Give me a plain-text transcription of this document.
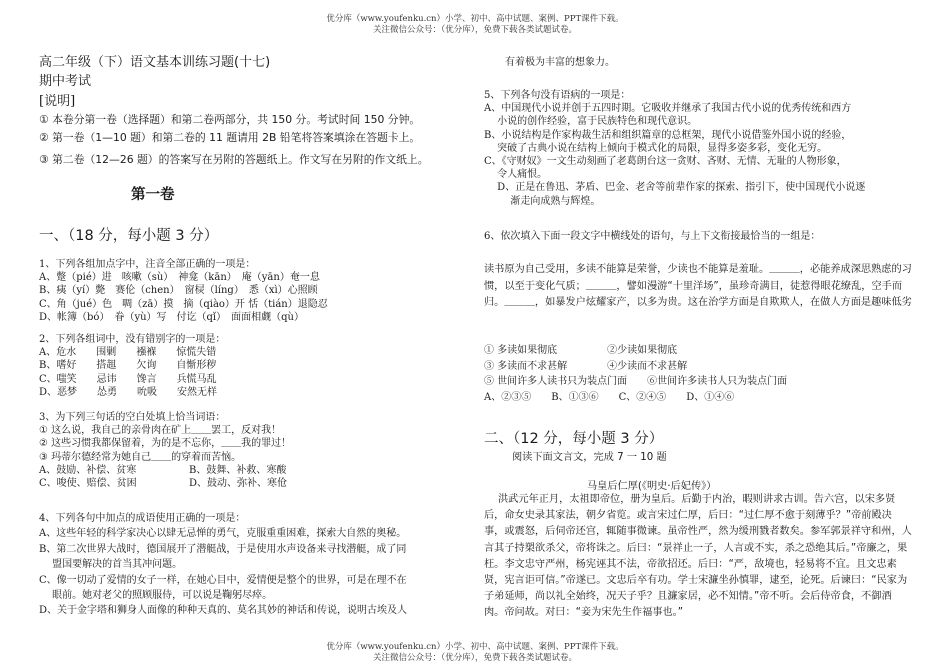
优分库（www.youfenku.cn）小学、初中、高中试题、案例、PPT课件下载。
关注微信公众号：（优分库），免费下载各类试题试卷。
高二年级（下）语文基本训练习题(十七)
期中考试
[说明]
① 本卷分第一卷（选择题）和第二卷两部分，共 150 分。考试时间 150 分钟。
② 第一卷（1—10 题）和第二卷的 11 题请用 2B 铅笔将答案填涂在答题卡上。
③ 第二卷（12—26 题）的答案写在另附的答题纸上。作文写在另附的作文纸上。
第一卷
一、（18 分，每小题 3 分）
1、下列各组加点字中，注音全部正确的一项是：
A、蹩（pié）进　咳嗽（sù）　神龛（kān）　庵（yān）奄一息
B、痍（yí）斃　赛伦（chen）　窗棂（líng）　悉（xì）心照顾
C、角（jué）色　啁（zā）摸　摘（qiào）开 恬（tián）退隐忍
D、帐簿（bó）　眷（yù）写　付讫（qǐ）　面面相觑（qù）
2、下列各组词中，没有错别字的一项是：
A、危水　　围剿　　襁褓　　惊慌失错
B、嗜好　　搭趄　　欠询　　自惭形秽
C、嗤笑　　忌讳　　馋言　　兵慌马乱
D、恶梦　　怂勇　　吮吸　　安然无样
3、为下列三句话的空白处填上恰当词语：
① 这么说，我自己的亲骨肉在矿上＿＿罢工，反对我！
② 这些习惯我都保留着，为的是不忘你，＿＿我的罪过！
③ 玛蒂尔德经常为她自己＿＿的穿着而苦恼。
A、鼓励、补偿、贫寒	B、鼓舞、补救、寒酸
C、唆使、赔偿、贫困	D、鼓动、弥补、寒伧
4、下列各句中加点的成语使用正确的一项是：
A、这些年轻的科学家决心以肆无忌惮的勇气，克服重重困难，探索大自然的奥秘。
B、第二次世界大战时，德国展开了潜艇战，于是使用水声设备来寻找潜艇，成了同
　 盟国要解决的首当其冲问题。
C、像一切动了爱情的女子一样，在她心目中，爱情便是整个的世界，可是在理不在
　 眼前。她对老父的照顾服侍，可以说是鞠躬尽瘁。
D、关于金字塔和狮身人面像的种种天真的、莫名其妙的神话和传说，说明古埃及人
有着极为丰富的想象力。
5、下列各句没有语病的一项是：
A、中国现代小说并创于五四时期。它吸收并继承了我国古代小说的优秀传统和西方
　 小说的创作经验，富于民族特色和现代意识。
B、小说结构是作家构裁生活和组织篇章的总框架，现代小说借鉴外国小说的经验，
　 突破了古典小说在结构上倾向于模式化的局限，显得多姿多彩，变化无穷。
C、《守财奴》一文生动刻画了老葛朗台这一贪财、吝财、无情、无耻的人物形象，
　 令人痛恨。
　 D、正是在鲁迅、茅盾、巴金、老舍等前辈作家的探索、指引下，使中国现代小说逐
　 　 渐走向成熟与辉煌。
6、依次填入下面一段文字中横线处的语句，与上下文衔接最恰当的一组是：
读书原为自己受用，多读不能算是荣誉，少读也不能算是羞耻。＿＿＿，必能养成深思熟虑的习惯，以至于变化气质；＿＿＿，譬如漫游“十里洋场”，虽珍奇满目，徒惹得眼花缭乱，空手而归。＿＿＿，如暴发户炫耀家产，以多为贵。这在治学方面是自欺欺人，在做人方面是趣味低劣
① 多读如果彻底　　　　　②少读如果彻底
③ 多读而不求甚解　　　　④少读而不求甚解
⑤ 世间许多人读书只为装点门面　　⑥世间许多读书人只为装点门面
A、②③⑤　　B、①③⑥　　C、②④⑤　　D、①④⑥
二、（12 分，每小题 3 分）
阅读下面文言文，完成 7 一 10 题
马皇后仁厚(《明史·后妃传》）
洪武元年正月，太祖即帝位，册为皇后。后勤于内治，暇则讲求古训。告六宫，以宋多贤后，命女史录其家法，朝夕省览。或言宋过仁厚，后曰：“过仁厚不愈于刻薄乎？”帝前殿决事，或震怒，后伺帝还宫，辄随事微谏。虽帝性严，然为缓刑戮者数矣。参军郭景祥守和州，人言其子持槊欲杀父，帝将诛之。后曰：“景祥止一子，人言或不实，杀之恐绝其后。”帝廉之，果枉。李文忠守严州，杨宪诬其不法，帝欲招还。后曰：“严，敌境也，轻易将不宜。且文忠素贤，宪言讵可信。”帝遂已。文忠后卒有功。学士宋濂坐孙慎罪，逮至，论死。后谏曰：“民家为子弟延师，尚以礼全始终，况天子乎？且濂家居，必不知情。”帝不听。会后侍帝食，不御酒肉。帝问故。对曰：“妾为宋先生作福事也。”
优分库（www.youfenku.cn）小学、初中、高中试题、案例、PPT课件下载。
关注微信公众号：（优分库），免费下载各类试题试卷。
